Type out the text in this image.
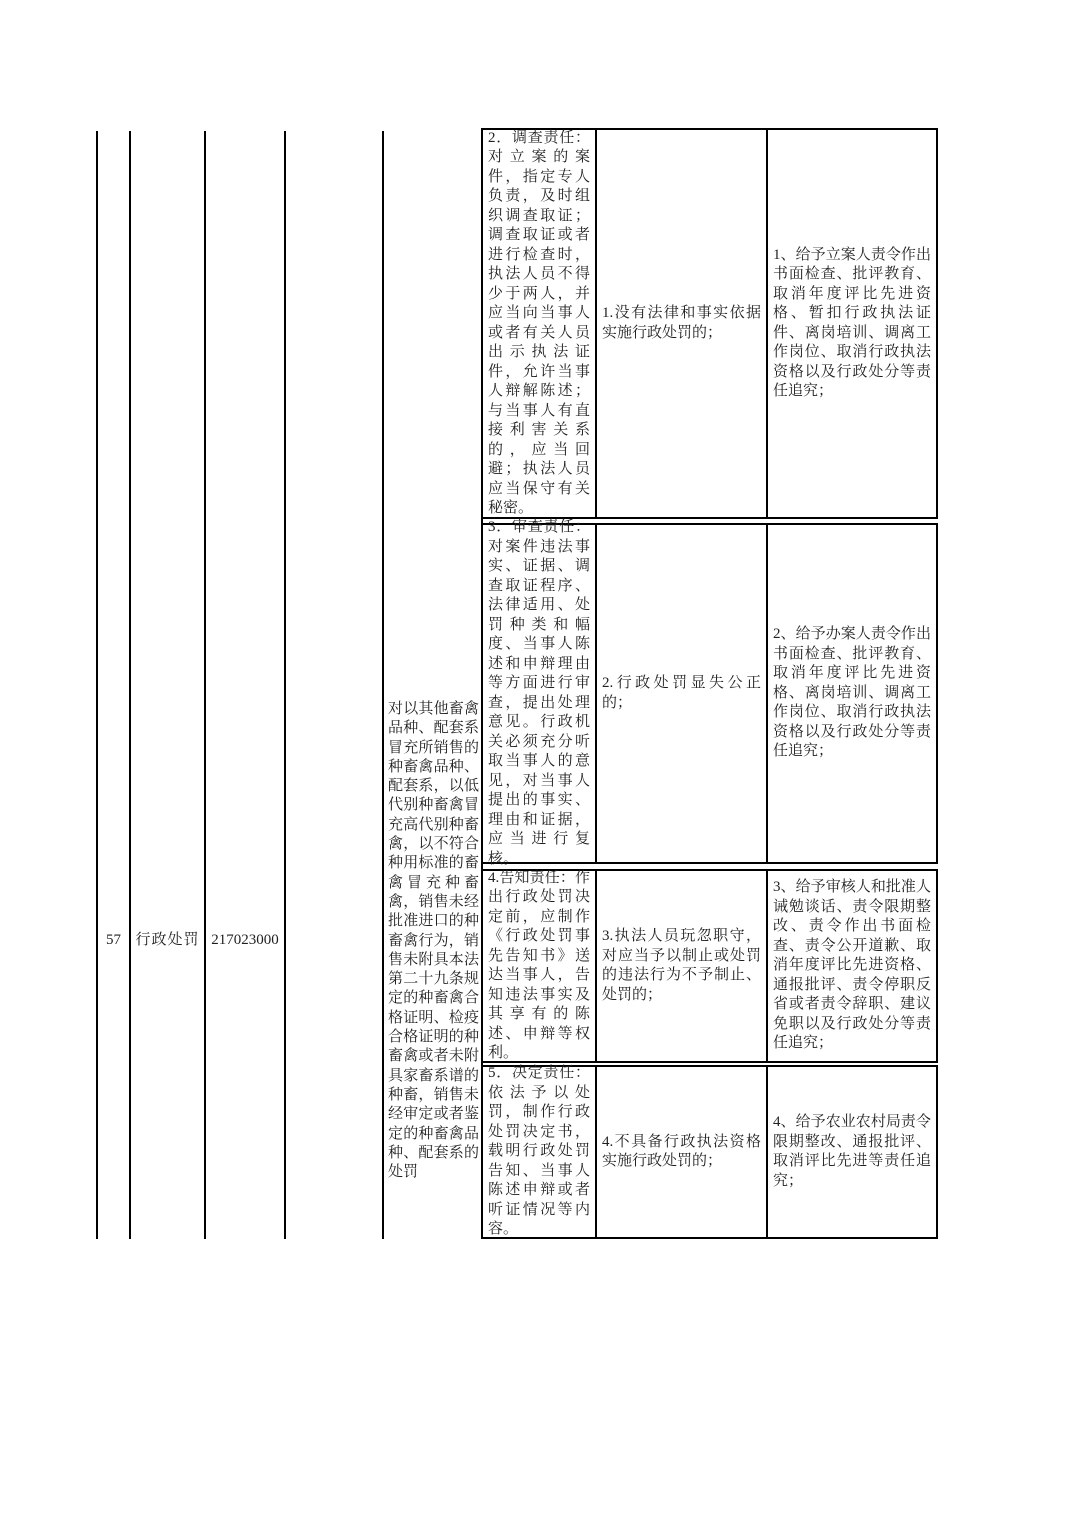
57 行政处罚 217023000
对以其他畜禽品种、配套系冒充所销售的种畜禽品种、配套系，以低代别种畜禽冒充高代别种畜禽，以不符合种用标准的畜禽冒充种畜禽，销售未经批准进口的种畜禽行为，销售未附具本法第二十九条规定的种畜禽合格证明、检疫合格证明的种畜禽或者未附具家畜系谱的种畜，销售未经审定或者鉴定的种畜禽品种、配套系的处罚
2．调查责任：对立案的案件，指定专人负责，及时组织调查取证；调查取证或者进行检查时，执法人员不得少于两人，并应当向当事人或者有关人员出示执法证件，允许当事人辩解陈述；与当事人有直接利害关系的，应当回避；执法人员应当保守有关秘密。
1.没有法律和事实依据实施行政处罚的；
1、给予立案人责令作出书面检查、批评教育、取消年度评比先进资格、暂扣行政执法证件、离岗培训、调离工作岗位、取消行政执法资格以及行政处分等责任追究；
3．审查责任：对案件违法事实、证据、调查取证程序、法律适用、处罚种类和幅度、当事人陈述和申辩理由等方面进行审查，提出处理意见。行政机关必须充分听取当事人的意见，对当事人提出的事实、理由和证据，应当进行复核。
2.行政处罚显失公正的；
2、给予办案人责令作出书面检查、批评教育、取消年度评比先进资格、离岗培训、调离工作岗位、取消行政执法资格以及行政处分等责任追究；
4.告知责任：作出行政处罚决定前，应制作《行政处罚事先告知书》送达当事人，告知违法事实及其享有的陈述、申辩等权利。
3.执法人员玩忽职守，对应当予以制止或处罚的违法行为不予制止、处罚的；
3、给予审核人和批准人诫勉谈话、责令限期整改、责令作出书面检查、责令公开道歉、取消年度评比先进资格、通报批评、责令停职反省或者责令辞职、建议免职以及行政处分等责任追究；
5．决定责任：依法予以处罚，制作行政处罚决定书，载明行政处罚告知、当事人陈述申辩或者听证情况等内容。
4.不具备行政执法资格实施行政处罚的；
4、给予农业农村局责令限期整改、通报批评、取消评比先进等责任追究；
